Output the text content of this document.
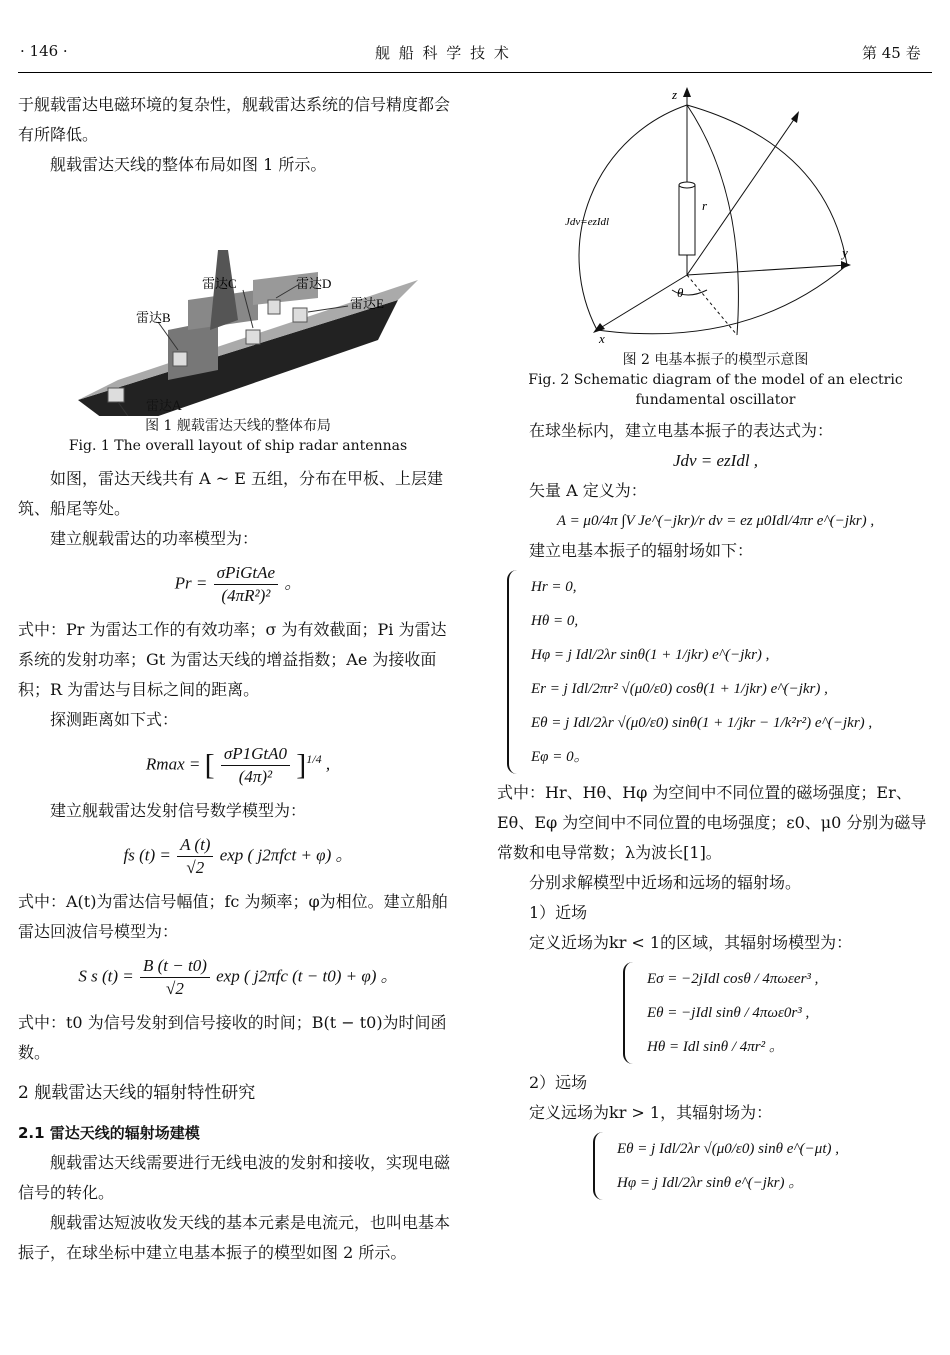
· 146 ·	舰 船 科 学 技 术	第 45 卷

于舰载雷达电磁环境的复杂性，舰载雷达系统的信号精度都会有所降低。

舰载雷达天线的整体布局如图 1 所示。

雷达C	雷达D
雷达B
雷达E
雷达A
图 1 舰载雷达天线的整体布局
Fig. 1 The overall layout of ship radar antennas

如图，雷达天线共有 A ~ E 五组，分布在甲板、上层建筑、船尾等处。

建立舰载雷达的功率模型为：

$Pr = \frac{\text{σPiGtAe}}{\text{(4πR²)²}}$ 。

式中：Pr 为雷达工作的有效功率；σ 为有效截面；Pi 为雷达系统的发射功率；Gt 为雷达天线的增益指数；Ae 为接收面积；R 为雷达与目标之间的距离。

探测距离如下式：

Rmax = [ $\frac{\text{σP1GtA0}}{\text{(4π)²}} ]^{1/4}$ ,

建立舰载雷达发射信号数学模型为：

fs $(t) = \frac{A (t)}{√2}$ exp ( j2πfct + φ) 。

式中：A(t)为雷达信号幅值；fc 为频率；φ为相位。建立船舶雷达回波信号模型为：

S s $(t) = \frac{B (t - t0)}{√2}$ exp ( j2πfc (t − t0) + φ) 。

式中：t0 为信号发射到信号接收的时间；B(t − t0)为时间函数。

2 舰载雷达天线的辐射特性研究

2.1 雷达天线的辐射场建模

舰载雷达天线需要进行无线电波的发射和接收，实现电磁信号的转化。

舰载雷达短波收发天线的基本元素是电流元，也叫电基本振子，在球坐标中建立电基本振子的模型如图 2 所示。

z
r
Jdv=ezIdl
y
θ
x
图 2 电基本振子的模型示意图
Fig. 2 Schematic diagram of the model of an electric fundamental oscillator

在球坐标内，建立电基本振子的表达式为：

Jdv = ezIdl ,

矢量 A 定义为：

A = μ0/4π ∫V Je^(−jkr)/r dv = ez μ0Idl/4πr e^(−jkr) ,

建立电基本振子的辐射场如下：

Hr = 0,
Hθ = 0,
Hφ = j Idl/2λr sinθ(1 + 1/jkr) e^(−jkr) ,
Er = j Idl/2πr² √(μ0/ε0) cosθ(1 + 1/jkr) e^(−jkr) ,
Eθ = j Idl/2λr √(μ0/ε0) sinθ(1 + 1/jkr − 1/k²r²) e^(−jkr) ,
Eφ = 0。

式中：Hr、Hθ、Hφ 为空间中不同位置的磁场强度；Er、Eθ、Eφ 为空间中不同位置的电场强度；ε0、μ0 分别为磁导常数和电导常数；λ为波长[1]。

分别求解模型中近场和远场的辐射场。

1）近场

定义近场为kr < 1的区域，其辐射场模型为：

Eσ = −2jIdl cosθ / 4πωεer³ ,
Eθ = −jIdl sinθ / 4πωε0r³ ,
Hθ = Idl sinθ / 4πr² 。

2）远场

定义远场为kr > 1，其辐射场为：

Eθ = j Idl/2λr √(μ0/ε0) sinθ e^(−μt) ,
Hφ = j Idl/2λr sinθ e^(−jkr) 。
